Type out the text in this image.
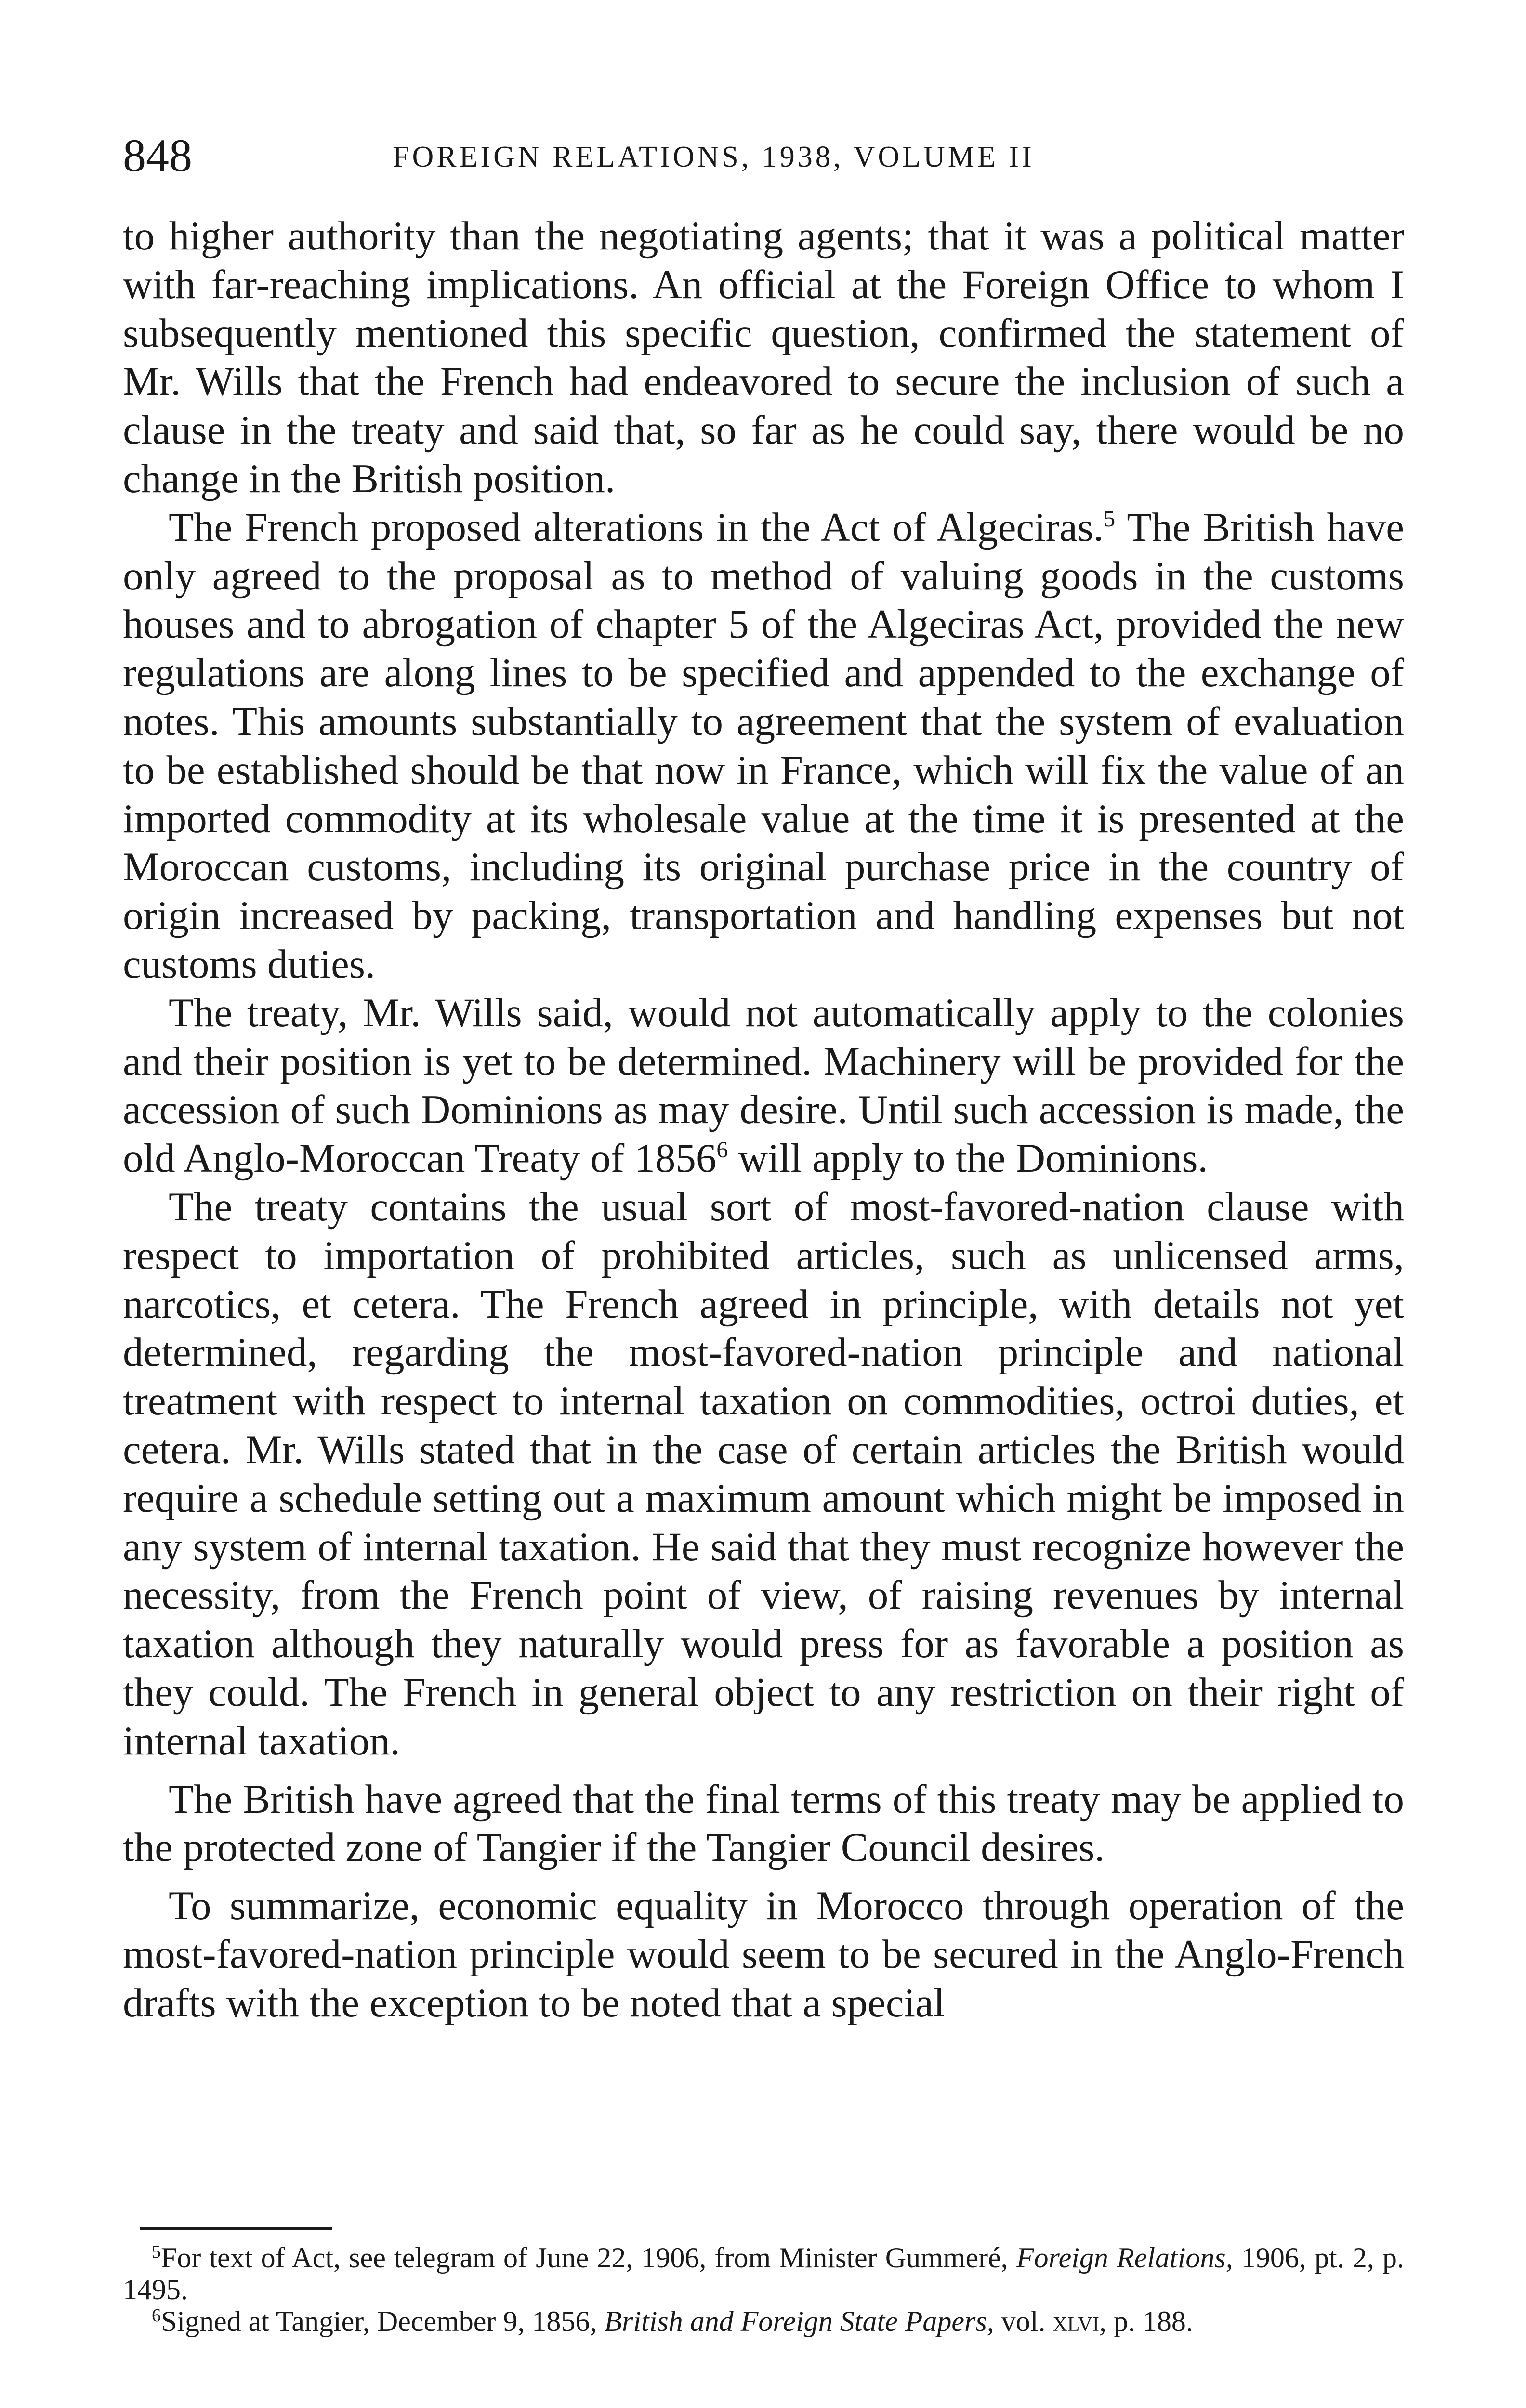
848	FOREIGN RELATIONS, 1938, VOLUME II

to higher authority than the negotiating agents; that it was a political matter with far-reaching implications. An official at the Foreign Office to whom I subsequently mentioned this specific question, confirmed the statement of Mr. Wills that the French had endeavored to secure the inclusion of such a clause in the treaty and said that, so far as he could say, there would be no change in the British position.

The French proposed alterations in the Act of Algeciras.$^5$ The British have only agreed to the proposal as to method of valuing goods in the customs houses and to abrogation of chapter 5 of the Algeciras Act, provided the new regulations are along lines to be specified and appended to the exchange of notes. This amounts substantially to agreement that the system of evaluation to be established should be that now in France, which will fix the value of an imported commodity at its wholesale value at the time it is presented at the Moroccan customs, including its original purchase price in the country of origin increased by packing, transportation and handling expenses but not customs duties.

The treaty, Mr. Wills said, would not automatically apply to the colonies and their position is yet to be determined. Machinery will be provided for the accession of such Dominions as may desire. Until such accession is made, the old Anglo-Moroccan Treaty of 1856$^6$ will apply to the Dominions.

The treaty contains the usual sort of most-favored-nation clause with respect to importation of prohibited articles, such as unlicensed arms, narcotics, et cetera. The French agreed in principle, with details not yet determined, regarding the most-favored-nation principle and national treatment with respect to internal taxation on commodities, octroi duties, et cetera. Mr. Wills stated that in the case of certain articles the British would require a schedule setting out a maximum amount which might be imposed in any system of internal taxation. He said that they must recognize however the necessity, from the French point of view, of raising revenues by internal taxation although they naturally would press for as favorable a position as they could. The French in general object to any restriction on their right of internal taxation.

The British have agreed that the final terms of this treaty may be applied to the protected zone of Tangier if the Tangier Council desires.

To summarize, economic equality in Morocco through operation of the most-favored-nation principle would seem to be secured in the Anglo-French drafts with the exception to be noted that a special

$^5$For text of Act, see telegram of June 22, 1906, from Minister Gummeré, Foreign Relations, 1906, pt. 2, p. 1495.

$^6$Signed at Tangier, December 9, 1856, British and Foreign State Papers, vol. xlvi, p. 188.
